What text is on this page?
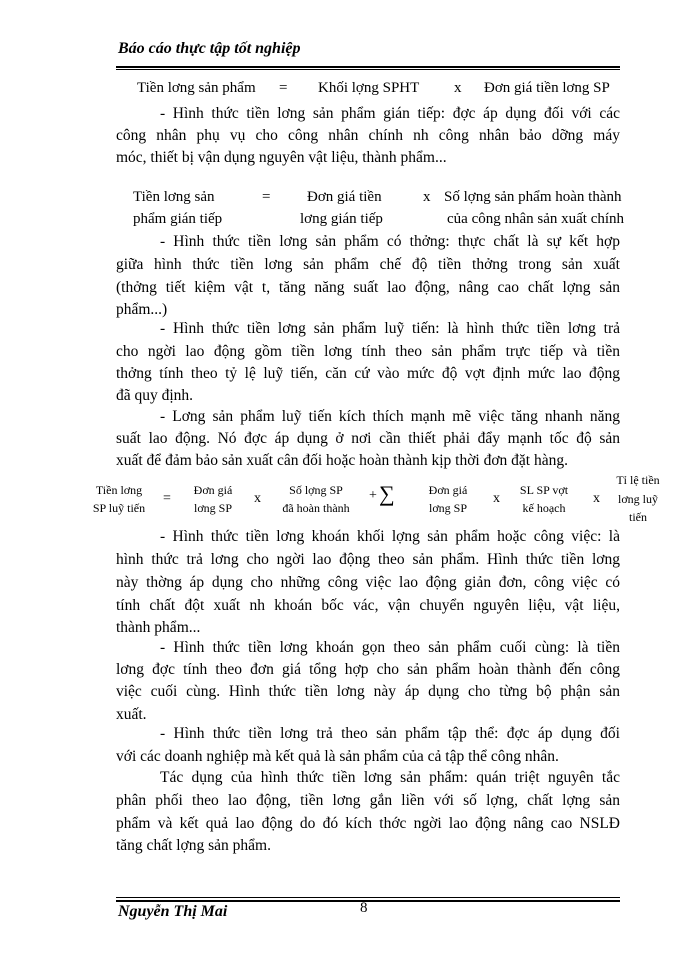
Báo cáo thực tập tốt nghiệp
Tiền lơng sản phẩm = Khối lợng SPHT x Đơn giá tiền lơng SP
- Hình thức tiền lơng sản phẩm gián tiếp: đợc áp dụng đối với các
công nhân phụ vụ cho công nhân chính nh công nhân bảo dỡng máy
móc, thiết bị vận dụng nguyên vật liệu, thành phẩm...
Tiền lơng sản
phẩm gián tiếp
= Đơn giá tiền
lơng gián tiếp
x Số lợng sản phẩm hoàn thành
của công nhân sản xuất chính
- Hình thức tiền lơng sản phẩm có thởng: thực chất là sự kết hợp
giữa hình thức tiền lơng sản phẩm chế độ tiền thởng trong sản xuất
(thởng tiết kiệm vật t, tăng năng suất lao động, nâng cao chất lợng sản
phẩm...)
- Hình thức tiền lơng sản phẩm luỹ tiến: là hình thức tiền lơng trả
cho ngời lao động gồm tiền lơng tính theo sản phẩm trực tiếp và tiền
thởng tính theo tỷ lệ luỹ tiến, căn cứ vào mức độ vợt định mức lao động
đã quy định.
- Lơng sản phẩm luỹ tiến kích thích mạnh mẽ việc tăng nhanh năng
suất lao động. Nó đợc áp dụng ở nơi cần thiết phải đẩy mạnh tốc độ sản
xuất để đảm bảo sản xuất cân đối hoặc hoàn thành kịp thời đơn đặt hàng.
Tiền lơng
SP luỹ tiến
=
Đơn giá
lơng SP
x
Số lợng SP
đã hoàn thành
+ ∑	Đơn giá
lơng SP
x
SL SP vợt
kế hoạch
x
Tỉ lệ tiền
lơng luỹ
tiến
- Hình thức tiền lơng khoán khối lợng sản phẩm hoặc công việc: là
hình thức trả lơng cho ngời lao động theo sản phẩm. Hình thức tiền lơng
này thờng áp dụng cho những công việc lao động giản đơn, công việc có
tính chất đột xuất nh khoán bốc vác, vận chuyển nguyên liệu, vật liệu,
thành phẩm...
- Hình thức tiền lơng khoán gọn theo sản phẩm cuối cùng: là tiền
lơng đợc tính theo đơn giá tổng hợp cho sản phẩm hoàn thành đến công
việc cuối cùng. Hình thức tiền lơng này áp dụng cho từng bộ phận sản
xuất.
- Hình thức tiền lơng trả theo sản phẩm tập thể: đợc áp dụng đối
với các doanh nghiệp mà kết quả là sản phẩm của cả tập thể công nhân.
Tác dụng của hình thức tiền lơng sản phẩm: quán triệt nguyên tắc
phân phối theo lao động, tiền lơng gắn liền với số lợng, chất lợng sản
phẩm và kết quả lao động do đó kích thớc ngời lao động nâng cao NSLĐ
tăng chất lợng sản phẩm.
Nguyễn Thị Mai	8
